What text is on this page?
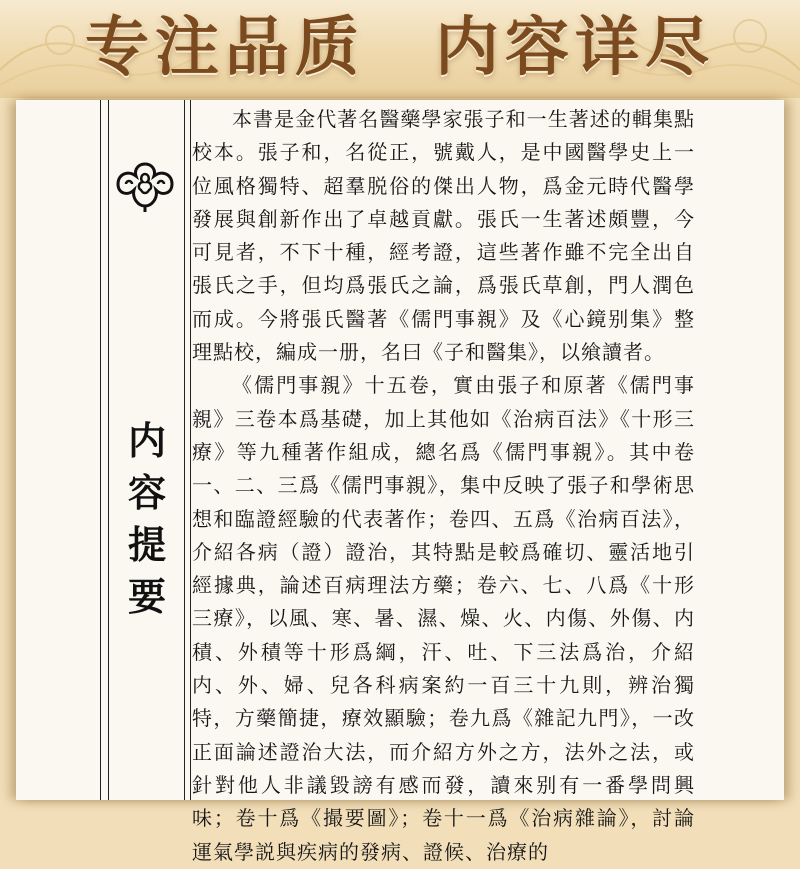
专注品质　内容详尽
内
容
提
要

本書是金代著名醫藥學家張子和一生著述的輯集點校本。張子和，名從正，號戴人，是中國醫學史上一位風格獨特、超羣脱俗的傑出人物，爲金元時代醫學發展與創新作出了卓越貢獻。張氏一生著述頗豐，今可見者，不下十種，經考證，這些著作雖不完全出自張氏之手，但均爲張氏之論，爲張氏草創，門人潤色而成。今將張氏醫著《儒門事親》及《心鏡别集》整理點校，編成一册，名曰《子和醫集》，以飨讀者。

《儒門事親》十五卷，實由張子和原著《儒門事親》三卷本爲基礎，加上其他如《治病百法》《十形三療》等九種著作組成，總名爲《儒門事親》。其中卷一、二、三爲《儒門事親》，集中反映了張子和學術思想和臨證經驗的代表著作；卷四、五爲《治病百法》，介紹各病（證）證治，其特點是較爲確切、靈活地引經據典，論述百病理法方藥；卷六、七、八爲《十形三療》，以風、寒、暑、濕、燥、火、内傷、外傷、内積、外積等十形爲綱，汗、吐、下三法爲治，介紹内、外、婦、兒各科病案約一百三十九則，辨治獨特，方藥簡捷，療效顯驗；卷九爲《雜記九門》，一改正面論述證治大法，而介紹方外之方，法外之法，或針對他人非議毀謗有感而發，讀來别有一番學問興味；卷十爲《撮要圖》；卷十一爲《治病雜論》，討論運氣學説與疾病的發病、證候、治療的
